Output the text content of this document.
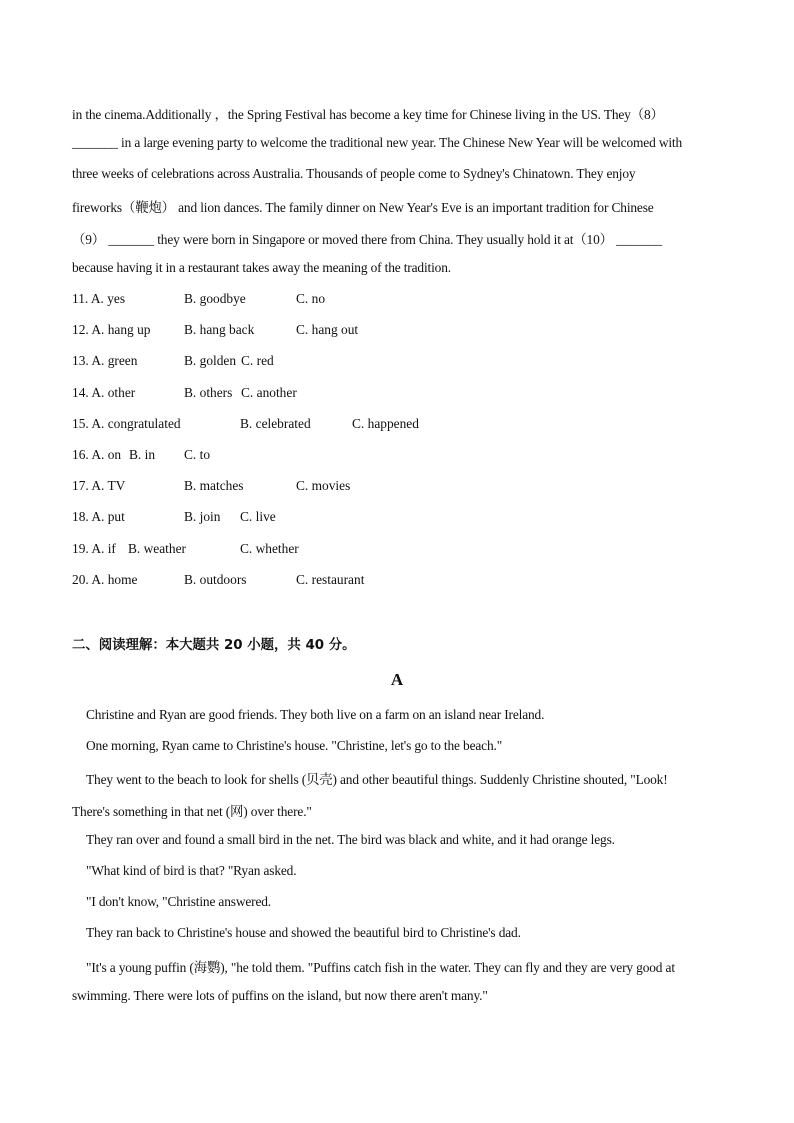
in the cinema.Additionally ，the Spring Festival has become a key time for Chinese living in the US. They（8）
_______ in a large evening party to welcome the traditional new year. The Chinese New Year will be welcomed with
three weeks of celebrations across Australia. Thousands of people come to Sydney's Chinatown. They enjoy
fireworks（鞭炮） and lion dances. The family dinner on New Year's Eve is an important tradition for Chinese
（9） _______ they were born in Singapore or moved there from China. They usually hold it at（10） _______
because having it in a restaurant takes away the meaning of the tradition.
11. A. yes	B. goodbye	C. no
12. A. hang up	B. hang back	C. hang out
13. A. green	B. golden C. red
14. A. other	B. others C. another
15. A. congratulated	B. celebrated	C. happened
16. A. on B. in C. to
17. A. TV	B. matches	C. movies
18. A. put	B. join C. live
19. A. if B. weather	C. whether
20. A. home	B. outdoors	C. restaurant
二、阅读理解：本大题共 20 小题，共 40 分。
A
Christine and Ryan are good friends. They both live on a farm on an island near Ireland.
One morning, Ryan came to Christine's house. "Christine, let's go to the beach."
They went to the beach to look for shells (贝壳) and other beautiful things. Suddenly Christine shouted, "Look!
There's something in that net (网) over there."
They ran over and found a small bird in the net. The bird was black and white, and it had orange legs.
"What kind of bird is that? "Ryan asked.
"I don't know, "Christine answered.
They ran back to Christine's house and showed the beautiful bird to Christine's dad.
"It's a young puffin (海鹦), "he told them. "Puffins catch fish in the water. They can fly and they are very good at
swimming. There were lots of puffins on the island, but now there aren't many."
